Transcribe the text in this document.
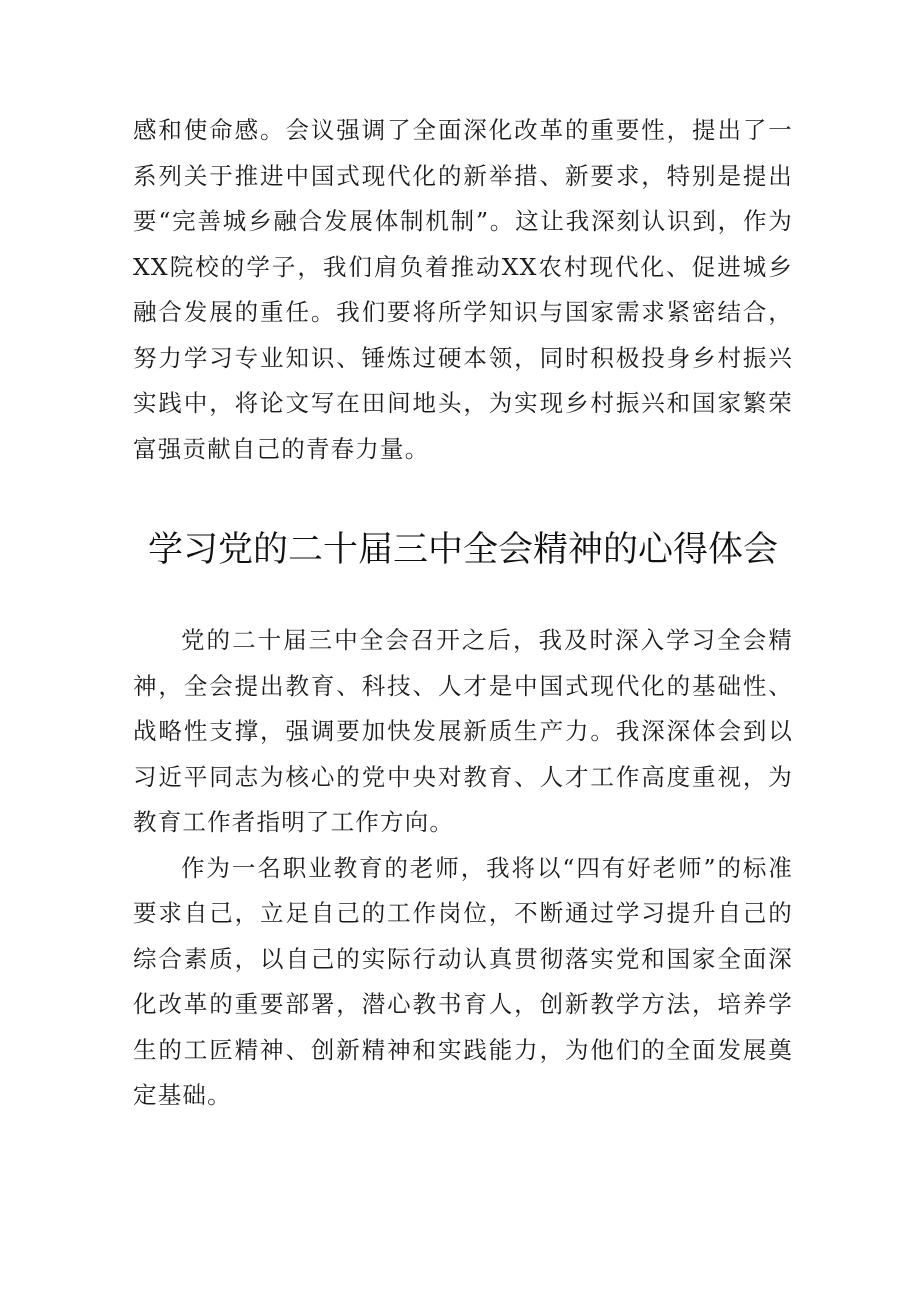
感和使命感。会议强调了全面深化改革的重要性，提出了一系列关于推进中国式现代化的新举措、新要求，特别是提出要“完善城乡融合发展体制机制”。这让我深刻认识到，作为XX院校的学子，我们肩负着推动XX农村现代化、促进城乡融合发展的重任。我们要将所学知识与国家需求紧密结合，努力学习专业知识、锤炼过硬本领，同时积极投身乡村振兴实践中，将论文写在田间地头，为实现乡村振兴和国家繁荣富强贡献自己的青春力量。

学习党的二十届三中全会精神的心得体会

党的二十届三中全会召开之后，我及时深入学习全会精神，全会提出教育、科技、人才是中国式现代化的基础性、战略性支撑，强调要加快发展新质生产力。我深深体会到以习近平同志为核心的党中央对教育、人才工作高度重视，为教育工作者指明了工作方向。

作为一名职业教育的老师，我将以“四有好老师”的标准要求自己，立足自己的工作岗位，不断通过学习提升自己的综合素质，以自己的实际行动认真贯彻落实党和国家全面深化改革的重要部署，潜心教书育人，创新教学方法，培养学生的工匠精神、创新精神和实践能力，为他们的全面发展奠定基础。
